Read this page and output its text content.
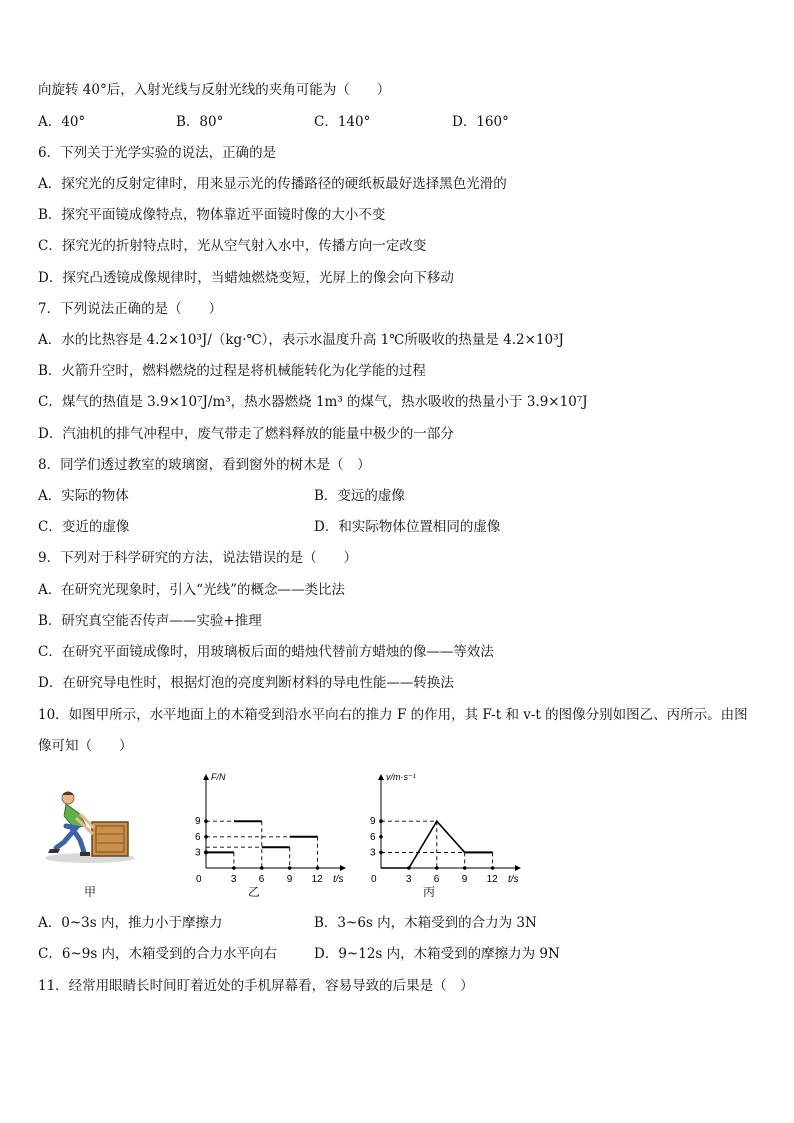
向旋转 40°后，入射光线与反射光线的夹角可能为（　　）
A．40°	B．80°	C．140°	D．160°
6．下列关于光学实验的说法，正确的是
A．探究光的反射定律时，用来显示光的传播路径的硬纸板最好选择黑色光滑的
B．探究平面镜成像特点，物体靠近平面镜时像的大小不变
C．探究光的折射特点时，光从空气射入水中，传播方向一定改变
D．探究凸透镜成像规律时，当蜡烛燃烧变短，光屏上的像会向下移动
7．下列说法正确的是（　　）
A．水的比热容是 4.2×10³J/（kg·℃），表示水温度升高 1℃所吸收的热量是 4.2×10³J
B．火箭升空时，燃料燃烧的过程是将机械能转化为化学能的过程
C．煤气的热值是 3.9×10⁷J/m³，热水器燃烧 1m³ 的煤气，热水吸收的热量小于 3.9×10⁷J
D．汽油机的排气冲程中，废气带走了燃料释放的能量中极少的一部分
8．同学们透过教室的玻璃窗，看到窗外的树木是（　）
A．实际的物体	B．变远的虚像
C．变近的虚像	D．和实际物体位置相同的虚像
9．下列对于科学研究的方法，说法错误的是（　　）
A．在研究光现象时，引入“光线”的概念——类比法
B．研究真空能否传声——实验+推理
C．在研究平面镜成像时，用玻璃板后面的蜡烛代替前方蜡烛的像——等效法
D．在研究导电性时，根据灯泡的亮度判断材料的导电性能——转换法
10．如图甲所示，水平地面上的木箱受到沿水平向右的推力 F 的作用，其 F-t 和 v-t 的图像分别如图乙、丙所示。由图
像可知（　　）
甲
F/N
t/s
0	3 6 9 12
3
6
9
乙
v/m·s⁻¹
t/s
0	3 6 9 12
3
6
9
丙
A．0~3s 内，推力小于摩擦力	B．3~6s 内，木箱受到的合力为 3N
C．6~9s 内，木箱受到的合力水平向右	D．9~12s 内，木箱受到的摩擦力为 9N
11．经常用眼睛长时间盯着近处的手机屏幕看，容易导致的后果是（　）
